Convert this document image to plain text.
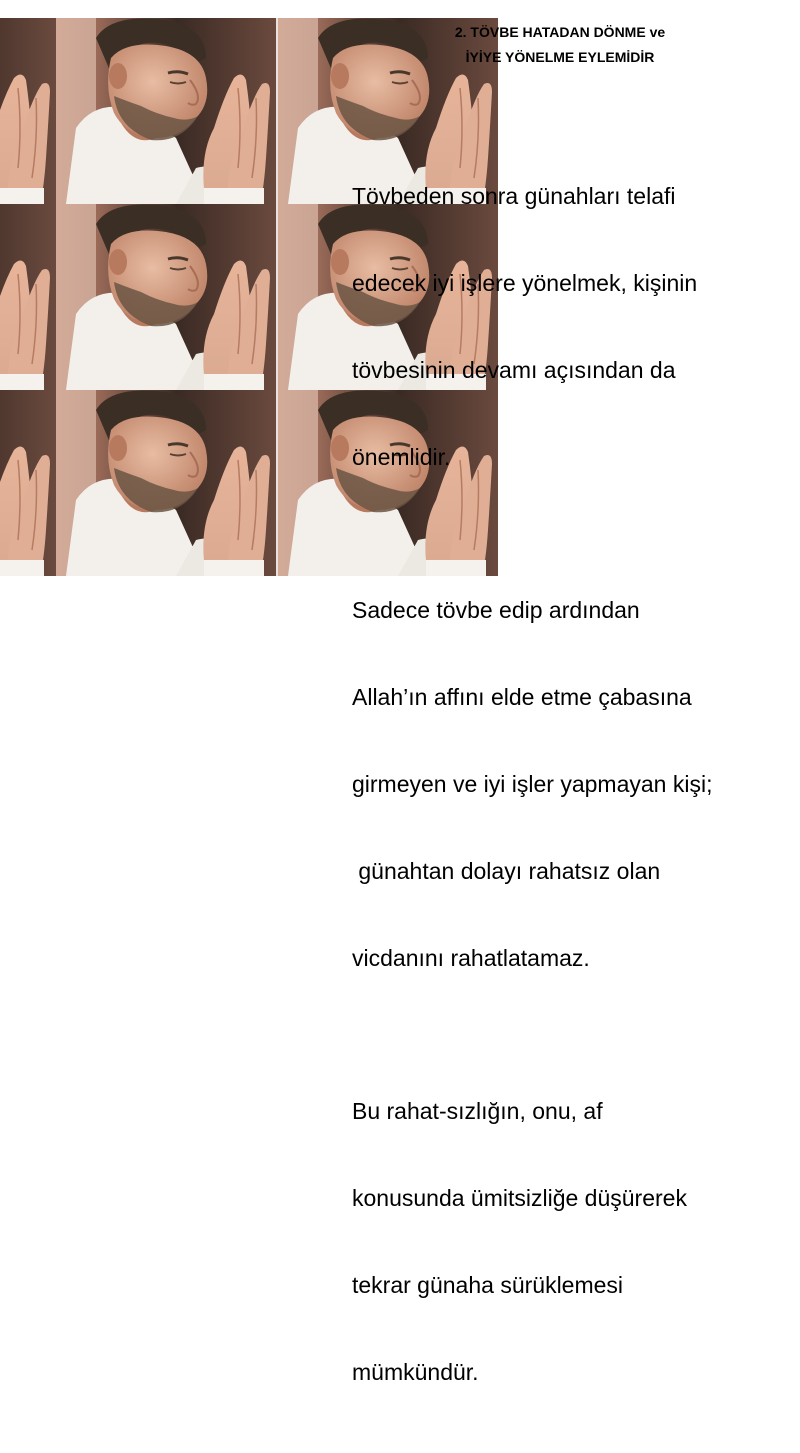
2. TÖVBE HATADAN DÖNME ve
İYİYE YÖNELME EYLEMİDİR

Tövbeden sonra günahları telafi

edecek iyi işlere yönelmek, kişinin

tövbesinin devamı açısından da

önemlidir.

Sadece tövbe edip ardından

Allah’ın affını elde etme çabasına

girmeyen ve iyi işler yapmayan kişi;

günahtan dolayı rahatsız olan

vicdanını rahatlatamaz.

Bu rahat-sızlığın, onu, af

konusunda ümitsizliğe düşürerek

tekrar günaha sürüklemesi

mümkündür.
